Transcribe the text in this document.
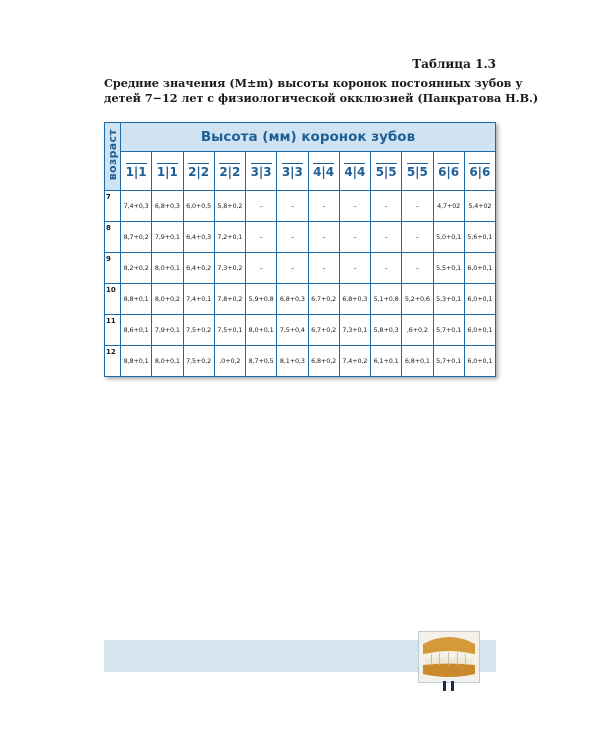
Таблица 1.3
Средние значения (M±m) высоты коронок постоянных зубов у
детей 7−12 лет с физиологической окклюзией (Панкратова Н.В.)
возраст	Высота (мм) коронок зубов											
	1|1	1|1	2|2	2|2	3|3	3|3	4|4	4|4	5|5	5|5	6|6	6|6
7	7,4+0,3	6,8+0,3	6,0+0,5	5,8+0,2	–	–	–	–	–	–	4,7+02	5,4+02
8	8,7+0,2	7,9+0,1	6,4+0,3	7,2+0,1	–	–	–	–	–	–	5,0+0,1	5,6+0,1
9	8,2+0,2	8,0+0,1	6,4+0,2	7,3+0,2	–	–	–	–	–	–	5,5+0,1	6,0+0,1
10	8,8+0,1	8,0+0,2	7,4+0,1	7,8+0,2	5,9+0,8	6,8+0,3	6,7+0,2	6,8+0,3	5,1+0,8	5,2+0,6	5,3+0,1	6,0+0,1
11	8,6+0,1	7,9+0,1	7,5+0,2	7,5+0,1	8,0+0,1	7,5+0,4	6,7+0,2	7,3+0,1	5,8+0,3	,6+0,2	5,7+0,1	6,0+0,1
12	8,8+0,1	8,0+0,1	7,5+0,2	,0+0,2	8,7+0,5	8,1+0,3	6,8+0,2	7,4+0,2	6,1+0,1	6,8+0,1	5,7+0,1	6,0+0,1
